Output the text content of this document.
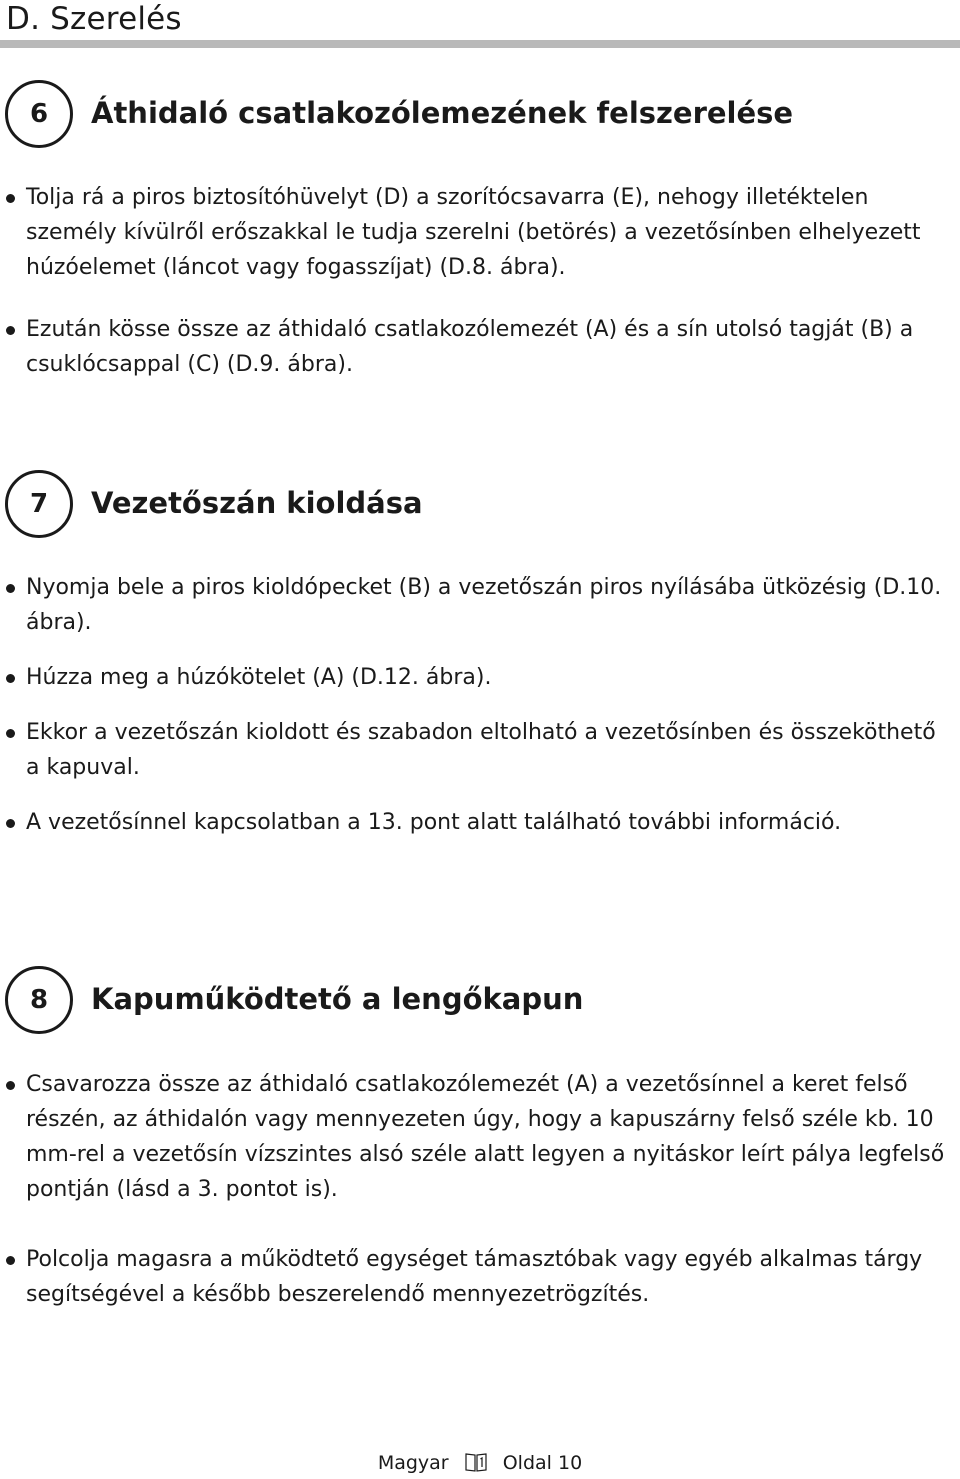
D. Szerelés
6	Áthidaló csatlakozólemezének felszerelése
Tolja rá a piros biztosítóhüvelyt (D) a szorítócsavarra (E), nehogy illetéktelen személy kívülről erőszakkal le tudja szerelni (betörés) a vezetősínben elhelyezett húzóelemet (láncot vagy fogasszíjat) (D.8. ábra).
Ezután kösse össze az áthidaló csatlakozólemezét (A) és a sín utolsó tagját (B) a csuklócsappal (C) (D.9. ábra).
7	Vezetőszán kioldása
Nyomja bele a piros kioldópecket (B) a vezetőszán piros nyílásába ütközésig (D.10. ábra).
Húzza meg a húzókötelet (A) (D.12. ábra).
Ekkor a vezetőszán kioldott és szabadon eltolható a vezetősínben és összeköthető a kapuval.
A vezetősínnel kapcsolatban a 13. pont alatt található további információ.
8	Kapuműködtető a lengőkapun
Csavarozza össze az áthidaló csatlakozólemezét (A) a vezetősínnel a keret felső részén, az áthidalón vagy mennyezeten úgy, hogy a kapuszárny felső széle kb. 10 mm-rel a vezetősín vízszintes alsó széle alatt legyen a nyitáskor leírt pálya legfelső pontján (lásd a 3. pontot is).
Polcolja magasra a működtető egységet támasztóbak vagy egyéb alkalmas tárgy segítségével a később beszerelendő mennyezetrögzítés.
Magyar	Oldal 10
